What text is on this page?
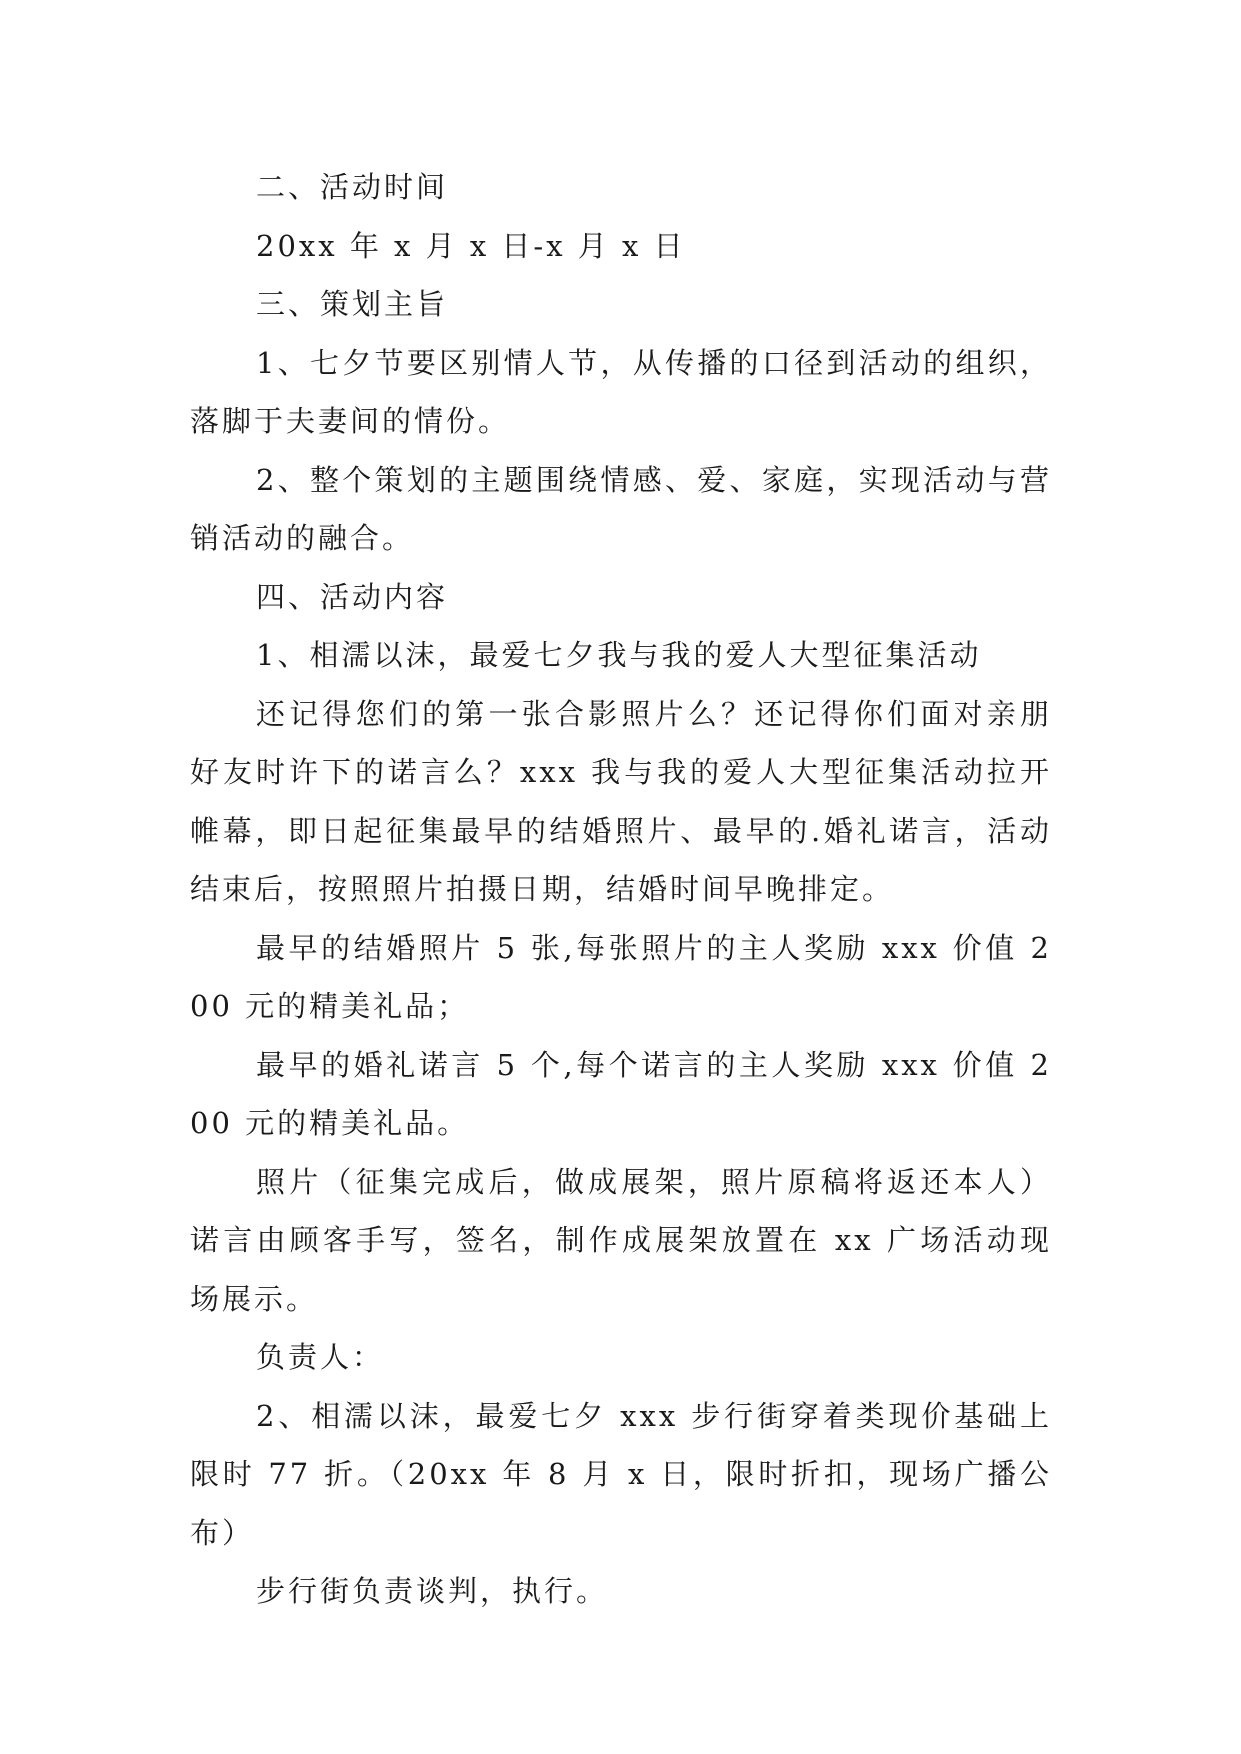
二、活动时间

20xx 年 x 月 x 日-x 月 x 日

三、策划主旨

1、七夕节要区别情人节，从传播的口径到活动的组织，落脚于夫妻间的情份。

2、整个策划的主题围绕情感、爱、家庭，实现活动与营销活动的融合。

四、活动内容

1、相濡以沫，最爱七夕我与我的爱人大型征集活动

还记得您们的第一张合影照片么？还记得你们面对亲朋好友时许下的诺言么？xxx 我与我的爱人大型征集活动拉开帷幕，即日起征集最早的结婚照片、最早的.婚礼诺言，活动结束后，按照照片拍摄日期，结婚时间早晚排定。

最早的结婚照片 5 张,每张照片的主人奖励 xxx 价值 200 元的精美礼品；

最早的婚礼诺言 5 个,每个诺言的主人奖励 xxx 价值 200 元的精美礼品。

照片（征集完成后，做成展架，照片原稿将返还本人）诺言由顾客手写，签名，制作成展架放置在 xx 广场活动现场展示。

负责人：

2、相濡以沫，最爱七夕 xxx 步行街穿着类现价基础上限时 77 折。（20xx 年 8 月 x 日，限时折扣，现场广播公布）

步行街负责谈判，执行。
